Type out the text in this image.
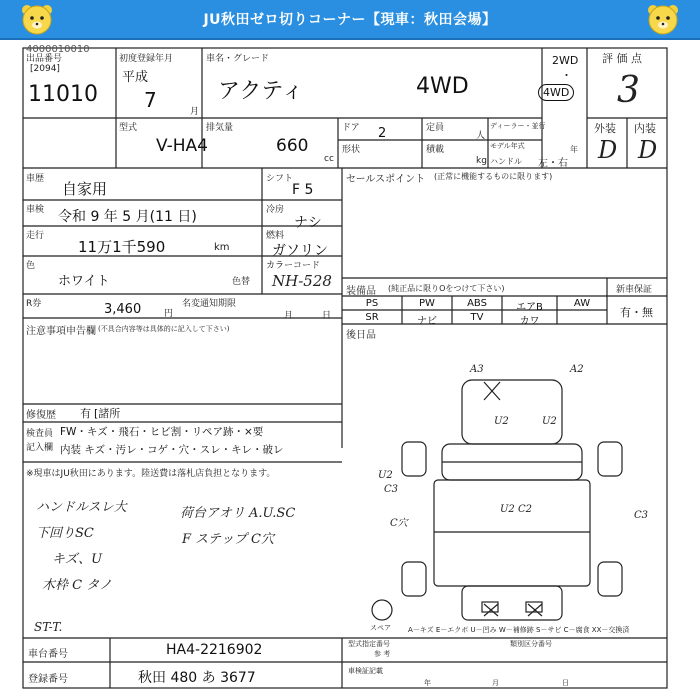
JU秋田ゼロ切りコーナー【現車：秋田会場】
4000010010
出品番号
[2094]
11010
初度登録年月
平成
7	月
車名・グレード
アクティ	4WD
2WD
・
4WD
評 価 点
3
外装 内装
D D
型式
V-HA4
排気量
660
cc
ドア 2	定員
人
形状	積載
kg
ディーラー・並行
モデル年式	年
ハンドル 左・右
車歴
自家用
シフト
F 5
車検 令和 9 年 5 月(11 日)	冷房
ナシ
走行
11万1千590	km
燃料
ガソリン
色
ホワイト	色替
カラーコード
NH-528
R券	3,460	円
名変通知期限
月	日
セールスポイント (正常に機能するものに限ります)
装備品 (純正品に限りOをつけて下さい)	新車保証
有・無
PS	PW	ABS	エアB	AW
SR	ナビ	TV	カワ
注意事項申告欄 (不具合内容等は具体的に記入して下さい)
後日品
修復歴 有 [諸所
検査員
記入欄
FW・キズ・飛石・ヒビ割・リペア跡・×要
内装 キズ・汚レ・コゲ・穴・スレ・キレ・破レ
※現車はJU秋田にあります。陸送費は落札店負担となります。
ハンドルスレ大
下回りSC
キズ、U
木枠 C タノ
荷台アオリ A.U.SC
F ステップ C穴
ST-T.
A3	A2
U2	U2
U2
U2 C2
C3
C3
C穴
スペア A－キズ E－エクボ U－凹み W－補修跡 S－サビ C－腐食 XX－交換済
型式指定番号	類別区分番号
参 考
車台番号	HA4-2216902
登録番号	秋田 480 あ 3677	車検証記載
年	月	日
